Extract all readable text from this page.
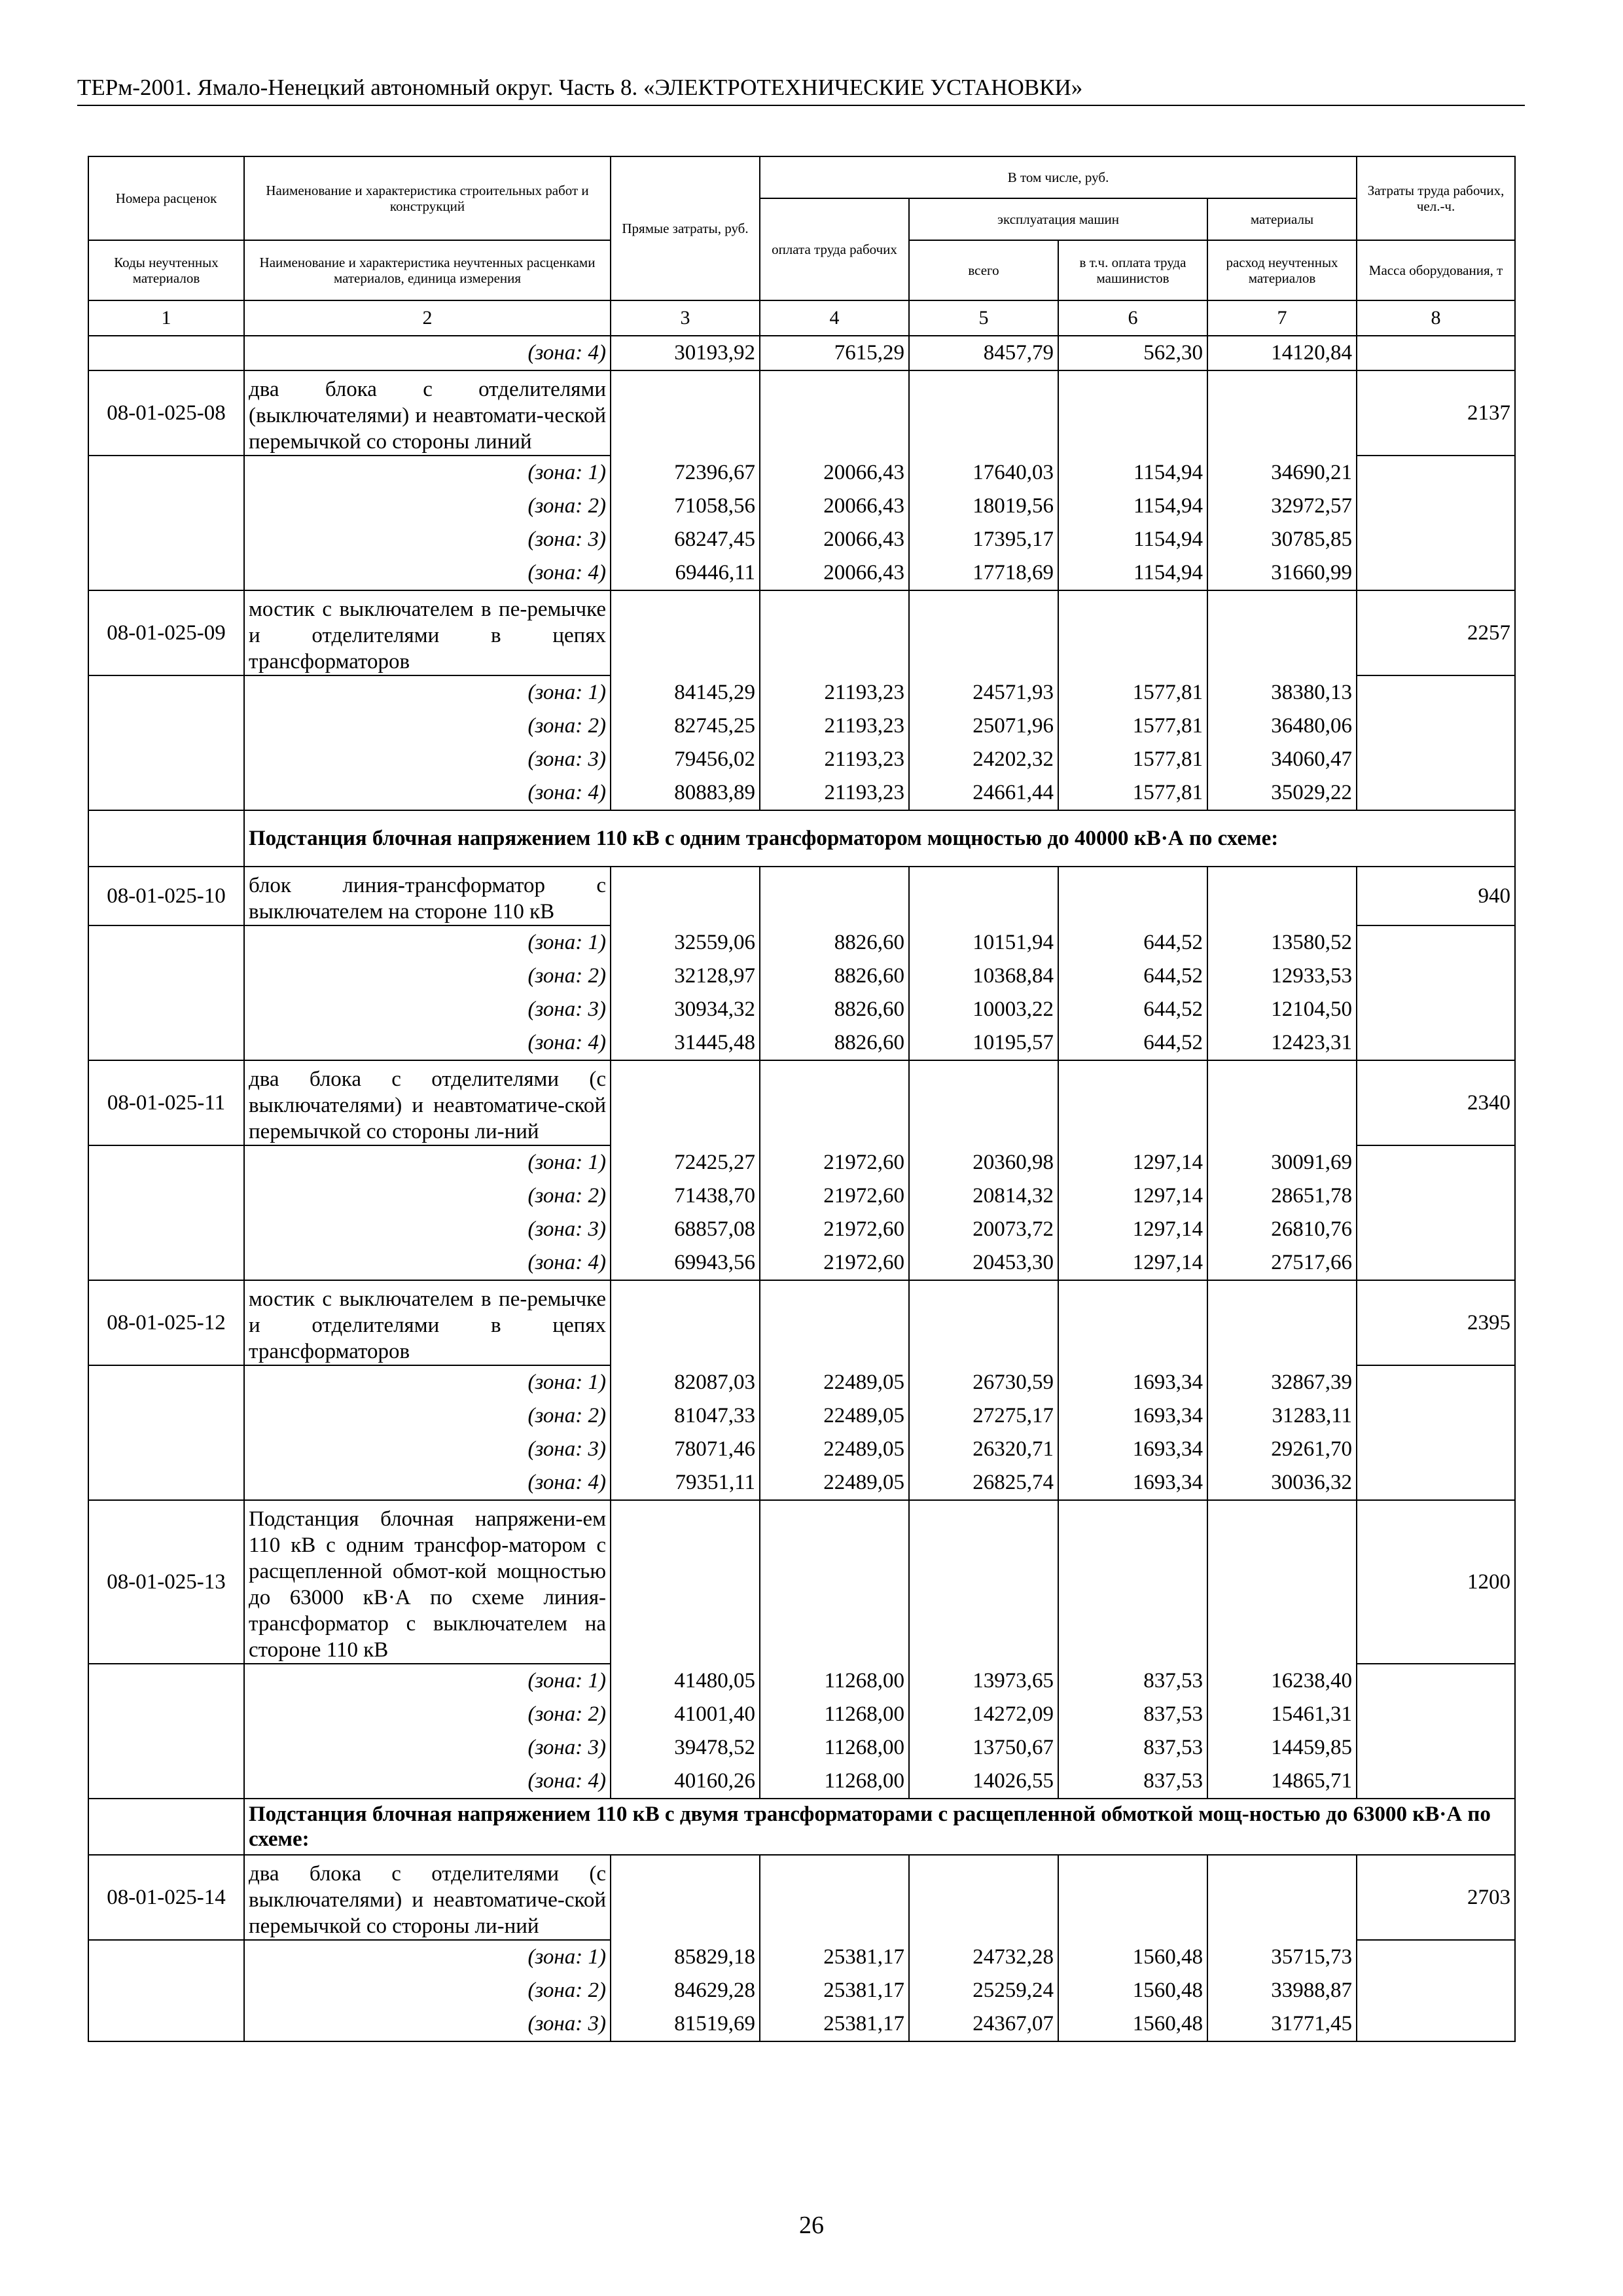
ТЕРм-2001. Ямало-Ненецкий автономный округ. Часть 8. «ЭЛЕКТРОТЕХНИЧЕСКИЕ УСТАНОВКИ»
Номера расценок	Наименование и характеристика строительных работ и конструкций	Прямые затраты, руб.	В том числе, руб.				Затраты труда рабочих, чел.-ч.
			оплата труда рабочих	эксплуатация машин		материалы	
Коды неучтенных материалов	Наименование и характеристика неучтенных расценками материалов, единица измерения			всего	в т.ч. оплата труда машинистов	расход неучтенных материалов	Масса оборудования, т
1	2	3	4	5	6	7	8
	(зона: 4)	30193,92	7615,29	8457,79	562,30	14120,84	
08-01-025-08	два блока с отделителями (выключателями) и неавтомати-ческой перемычкой со стороны линий						2137
	(зона: 1)	72396,67	20066,43	17640,03	1154,94	34690,21	
	(зона: 2)	71058,56	20066,43	18019,56	1154,94	32972,57	
	(зона: 3)	68247,45	20066,43	17395,17	1154,94	30785,85	
	(зона: 4)	69446,11	20066,43	17718,69	1154,94	31660,99	
08-01-025-09	мостик с выключателем в пе-ремычке и отделителями в цепях трансформаторов						2257
	(зона: 1)	84145,29	21193,23	24571,93	1577,81	38380,13	
	(зона: 2)	82745,25	21193,23	25071,96	1577,81	36480,06	
	(зона: 3)	79456,02	21193,23	24202,32	1577,81	34060,47	
	(зона: 4)	80883,89	21193,23	24661,44	1577,81	35029,22	
	Подстанция блочная напряжением 110 кВ с одним трансформатором мощностью до 40000 кВ·А по схеме:						
08-01-025-10	блок линия-трансформатор с выключателем на стороне 110 кВ						940
	(зона: 1)	32559,06	8826,60	10151,94	644,52	13580,52	
	(зона: 2)	32128,97	8826,60	10368,84	644,52	12933,53	
	(зона: 3)	30934,32	8826,60	10003,22	644,52	12104,50	
	(зона: 4)	31445,48	8826,60	10195,57	644,52	12423,31	
08-01-025-11	два блока с отделителями (с выключателями) и неавтоматиче-ской перемычкой со стороны ли-ний						2340
	(зона: 1)	72425,27	21972,60	20360,98	1297,14	30091,69	
	(зона: 2)	71438,70	21972,60	20814,32	1297,14	28651,78	
	(зона: 3)	68857,08	21972,60	20073,72	1297,14	26810,76	
	(зона: 4)	69943,56	21972,60	20453,30	1297,14	27517,66	
08-01-025-12	мостик с выключателем в пе-ремычке и отделителями в цепях трансформаторов						2395
	(зона: 1)	82087,03	22489,05	26730,59	1693,34	32867,39	
	(зона: 2)	81047,33	22489,05	27275,17	1693,34	31283,11	
	(зона: 3)	78071,46	22489,05	26320,71	1693,34	29261,70	
	(зона: 4)	79351,11	22489,05	26825,74	1693,34	30036,32	
08-01-025-13	Подстанция блочная напряжени-ем 110 кВ с одним трансфор-матором с расщепленной обмот-кой мощностью до 63000 кВ·А по схеме линия-трансформатор с выключателем на стороне 110 кВ						1200
	(зона: 1)	41480,05	11268,00	13973,65	837,53	16238,40	
	(зона: 2)	41001,40	11268,00	14272,09	837,53	15461,31	
	(зона: 3)	39478,52	11268,00	13750,67	837,53	14459,85	
	(зона: 4)	40160,26	11268,00	14026,55	837,53	14865,71	
	Подстанция блочная напряжением 110 кВ с двумя трансформаторами с расщепленной обмоткой мощ-ностью до 63000 кВ·А по схеме:						
08-01-025-14	два блока с отделителями (с выключателями) и неавтоматиче-ской перемычкой со стороны ли-ний						2703
	(зона: 1)	85829,18	25381,17	24732,28	1560,48	35715,73	
	(зона: 2)	84629,28	25381,17	25259,24	1560,48	33988,87	
	(зона: 3)	81519,69	25381,17	24367,07	1560,48	31771,45	
26
